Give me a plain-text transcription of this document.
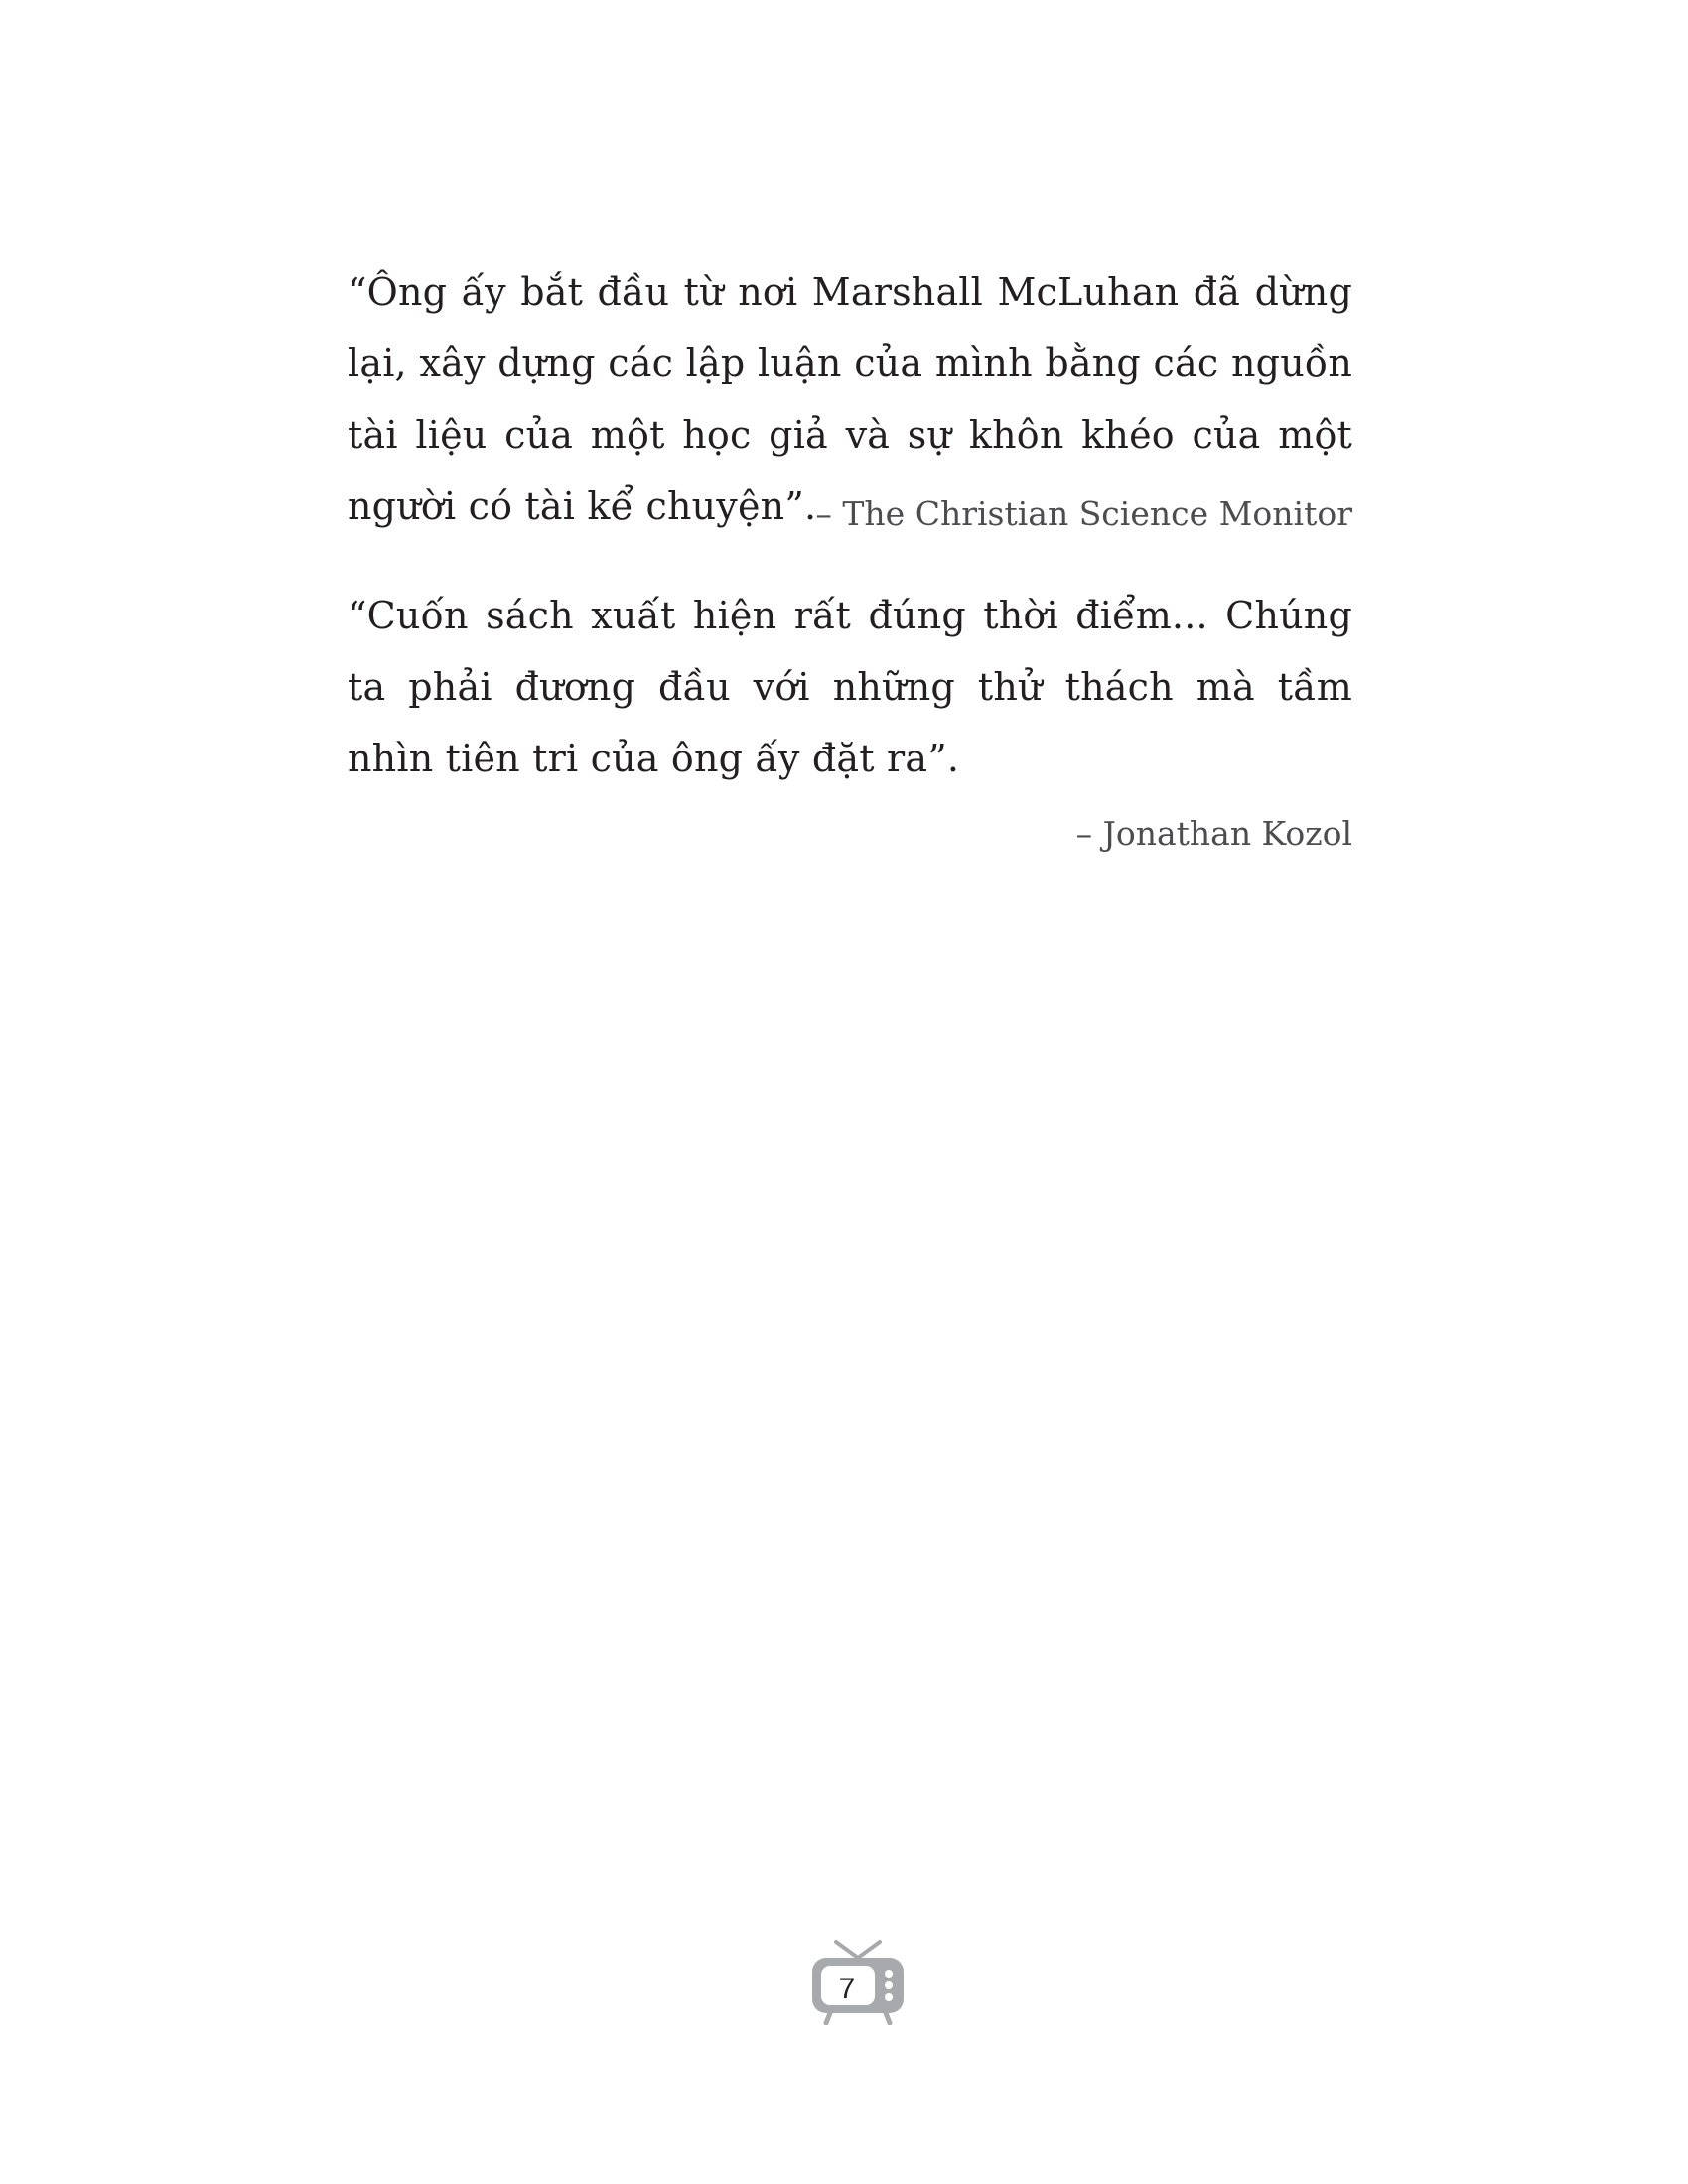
“Ông ấy bắt đầu từ nơi Marshall McLuhan đã dừng lại, xây dựng các lập luận của mình bằng các nguồn tài liệu của một học giả và sự khôn khéo của một người có tài kể chuyện”. – The Christian Science Monitor

“Cuốn sách xuất hiện rất đúng thời điểm... Chúng ta phải đương đầu với những thử thách mà tầm nhìn tiên tri của ông ấy đặt ra”.

– Jonathan Kozol
7
